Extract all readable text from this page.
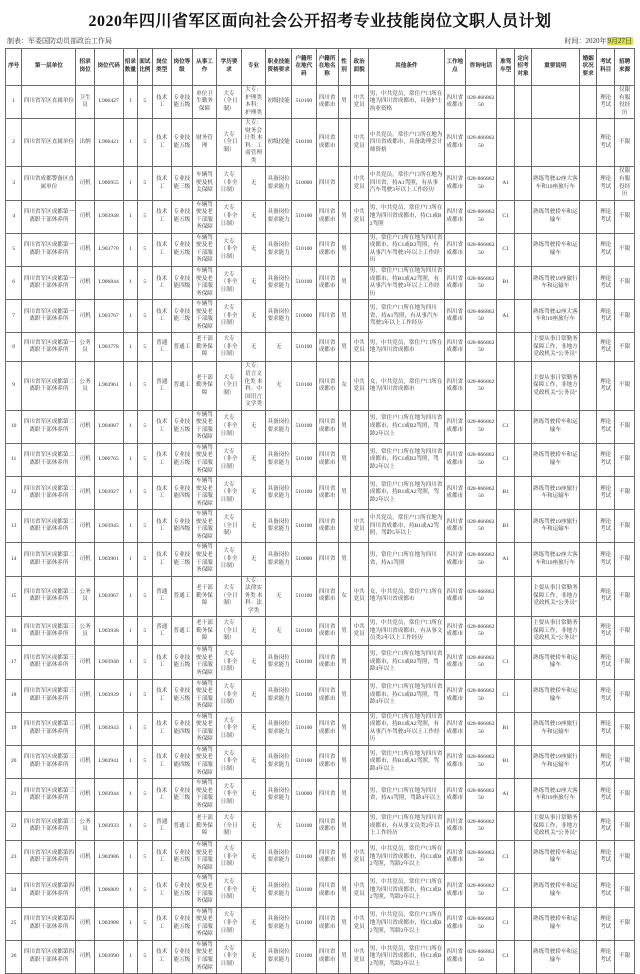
2020年四川省军区面向社会公开招考专业技能岗位文职人员计划
制表：军委国防动员部政治工作局	时间：2020年9月27日
序号	第一层单位	招录岗位	岗位代码	招录数量	面试比例	岗位类型	岗位等级	从事工作	学历要求	专业	职业技能资格要求	户籍所在地代码	户籍所在地名称	性别	政治面貌	其他条件	工作地点	咨询电话	准驾车型	定向招考对象	重要说明	婚姻状况要求	考试科目	招聘来源
1	四川省军区直属单位	卫生员	L906427	1	5	技术工	专业技能五级	单位卫生勤务保障	大专（全日制）	大专：护理类 本科：护理类	初级技能	510100	四川省成都市	男	中共党员	男，中共党员，常住户口所在地为四川省成都市，具备护士执业资格	四川省成都市	028-86686250					理论考试	仅限有服役经历
2	四川省军区直属单位	出纳	L906421	1	5	技术工	专业技能五级	财务管理	大专（全日制）	大专：财务会计类 本科：工商管理类	初级技能	510100	四川省成都市		中共党员	中共党员，常住户口所在地为四川省成都市，具备助理会计师资格	四川省成都市	028-86686250					理论考试	不限
3	四川省成都警备区直属单位	司机	L906955	1	5	技术工	专业技能三级	车辆驾驶及机关保障	大专（非全日制）	无	具备岗位要求能力	510000	四川省		中共党员	中共党员，常住户口所在地为四川省，持A1驾照，有从事汽车驾驶3年以上工作经历	四川省成都市	028-86686250	A1		熟练驾驶42座大客车和19座旅行车		理论考试	仅限有服役经历
4	四川省军区成都第一离职干部休养所	司机	L903948	1	5	技术工	专业技能五级	车辆驾驶及老干部服务保障	大专（非全日制）	无	具备岗位要求能力	510100	四川省成都市	男	中共党员	男，中共党员，常住户口所在地为四川省成都市，持C1或B2驾照	四川省成都市	028-86686250	C1		熟练驾驶轿车和运输车		理论考试	不限
5	四川省军区成都第一离职干部休养所	司机	L903770	1	5	技术工	专业技能五级	车辆驾驶及老干部服务保障	大专（非全日制）	无	具备岗位要求能力	510100	四川省成都市	男		男，常住户口所在地为四川省成都市，持C1或B2驾照，有从事汽车驾驶3年以上工作经历	四川省成都市	028-86686250	C1		熟练驾驶轿车和运输车		理论考试	不限
6	四川省军区成都第一离职干部休养所	司机	L906844	1	5	技术工	专业技能四级	车辆驾驶及老干部服务保障	大专（非全日制）	无	具备岗位要求能力	510100	四川省成都市	男		男，常住户口所在地为四川省成都市，持B1或A2驾照，有从事汽车驾驶3年以上工作经历	四川省成都市	028-86686250	B1		熟练驾驶19座旅行车和运输车		理论考试	不限
7	四川省军区成都第一离职干部休养所	司机	L903767	1	5	技术工	专业技能三级	车辆驾驶及老干部服务保障	大专（非全日制）	无	具备岗位要求能力	510000	四川省	男		男，常住户口所在地为四川省，持A1驾照，有从事汽车驾驶3年以上工作经历	四川省成都市	028-86686250	A1		熟练驾驶42座大客车和19座旅行车		理论考试	不限
8	四川省军区成都第一离职干部休养所	公务员	L903778	1	5	普通工	普通工	老干部勤务保障	大专（非全日制）	无	无	510100	四川省成都市	男	中共党员	男，中共党员，常住户口所在地为四川省成都市	四川省成都市	028-86686250			主要从事日常勤务保障工作，非地方党政机关“公务员”		理论考试	不限
9	四川省军区成都第二离职干部休养所	公务员	L903961	1	5	普通工	普通工	老干部勤务保障	大专（全日制）	大专：语言文化类 本科：中国语言文学类	无	510100	四川省成都市	女	中共党员	女，中共党员，常住户口所在地为四川省成都市	四川省成都市	028-86686250			主要从事日常勤务保障工作，非地方党政机关“公务员”		理论考试	不限
10	四川省军区成都第二离职干部休养所	司机	L904087	1	5	技术工	专业技能五级	车辆驾驶及老干部服务保障	大专（非全日制）	无	具备岗位要求能力	510100	四川省成都市	男		男，常住户口所在地为四川省成都市，持C1或B2驾照，驾龄2年以上	四川省成都市	028-86686250	C1		熟练驾驶轿车和运输车		理论考试	不限
11	四川省军区成都第二离职干部休养所	司机	L906765	1	5	技术工	专业技能五级	车辆驾驶及老干部服务保障	大专（非全日制）	无	具备岗位要求能力	510100	四川省成都市	男		男，常住户口所在地为四川省成都市，持C1或B2驾照，驾龄2年以上	四川省成都市	028-86686250	C1		熟练驾驶轿车和运输车		理论考试	不限
12	四川省军区成都第二离职干部休养所	司机	L903927	1	5	技术工	专业技能四级	车辆驾驶及老干部服务保障	大专（非全日制）	无	具备岗位要求能力	510100	四川省成都市	男		男，常住户口所在地为四川省成都市，持B1或A2驾照，驾龄2年以上	四川省成都市	028-86686250	B1		熟练驾驶19座旅行车和运输车		理论考试	不限
13	四川省军区成都第二离职干部休养所	司机	L903945	1	5	技术工	专业技能四级	车辆驾驶及老干部服务保障	大专（全日制）	无	具备岗位要求能力	510100	四川省成都市		中共党员	中共党员，常住户口所在地为四川省成都市，持B1或A2驾照，驾龄5年以上	四川省成都市	028-86686250	B1		熟练驾驶19座旅行车和运输车		理论考试	不限
14	四川省军区成都第二离职干部休养所	司机	L903901	1	5	技术工	专业技能三级	车辆驾驶及老干部服务保障	大专（非全日制）	无	具备岗位要求能力	510000	四川省	男		男，常住户口所在地为四川省，持A1驾照	四川省成都市	028-86686250	A1		熟练驾驶42座大客车和19座旅行车		理论考试	不限
15	四川省军区成都第二离职干部休养所	公务员	L903967	1	5	普通工	普通工	老干部勤务保障	大专（全日制）	大专：法律实务类 本科：法学类	无	510100	四川省成都市	女	中共党员	女，中共党员，常住户口所在地为四川省成都市	四川省成都市	028-86686250			主要从事日常勤务保障工作，非地方党政机关“公务员”		理论考试	不限
16	四川省军区成都第三离职干部休养所	公务员	L903938	1	5	普通工	普通工	老干部勤务保障	大专（全日制）	无	无	510100	四川省成都市	男	中共党员	男，中共党员，常住户口所在地为四川省成都市，有从事文员类2年以上工作经历	四川省成都市	028-86686250			主要从事日常勤务保障工作，非地方党政机关“公务员”		理论考试	不限
17	四川省军区成都第三离职干部休养所	司机	L903940	1	5	技术工	专业技能五级	车辆驾驶及老干部服务保障	大专（非全日制）	无	具备岗位要求能力	510100	四川省成都市	男		男，常住户口所在地为四川省成都市，持C1或B2驾照，驾龄4年以上	四川省成都市	028-86686250	C1		熟练驾驶轿车和运输车		理论考试	不限
18	四川省军区成都第三离职干部休养所	司机	L903939	1	5	技术工	专业技能五级	车辆驾驶及老干部服务保障	大专（非全日制）	无	具备岗位要求能力	510100	四川省成都市	男		男，常住户口所在地为四川省成都市，持C1或B2驾照，驾龄4年以上	四川省成都市	028-86686250	C1		熟练驾驶轿车和运输车		理论考试	不限
19	四川省军区成都第三离职干部休养所	司机	L903943	1	5	技术工	专业技能四级	车辆驾驶及老干部服务保障	大专（非全日制）	无	具备岗位要求能力	510100	四川省成都市	男		男，常住户口所在地为四川省成都市，持B1或A2驾照，有从事汽车驾驶4年以上工作经历	四川省成都市	028-86686250	B1		熟练驾驶19座旅行车和运输车		理论考试	不限
20	四川省军区成都第三离职干部休养所	司机	L903941	1	5	技术工	专业技能四级	车辆驾驶及老干部服务保障	大专（非全日制）	无	具备岗位要求能力	510100	四川省成都市	男		男，常住户口所在地为四川省成都市，持B1或A2驾照，驾龄4年以上	四川省成都市	028-86686250	B1		熟练驾驶19座旅行车和运输车		理论考试	不限
21	四川省军区成都第三离职干部休养所	司机	L903944	1	5	技术工	专业技能三级	车辆驾驶及老干部服务保障	大专（非全日制）	无	具备岗位要求能力	510000	四川省	男		男，常住户口所在地为四川省，持A1驾照，驾龄4年以上	四川省成都市	028-86686250	A1		熟练驾驶42座大客车和19座旅行车		理论考试	不限
22	四川省军区成都第三离职干部休养所	公务员	L903933	1	5	普通工	普通工	老干部勤务保障	大专（全日制）	无	无	510100	四川省成都市	男		男，常住户口所在地为四川省成都市，有从事文员类2年以上工作经历	四川省成都市	028-86686250			主要从事日常勤务保障工作，非地方党政机关“公务员”		理论考试	不限
23	四川省军区成都第四离职干部休养所	司机	L903986	1	5	技术工	专业技能五级	车辆驾驶及老干部服务保障	大专（非全日制）	无	具备岗位要求能力	510100	四川省成都市	男	中共党员	男，中共党员，常住户口所在地为四川省成都市，持C1或B2驾照，驾龄2年以上	四川省成都市	028-86686250	C1		熟练驾驶轿车和运输车		理论考试	不限
24	四川省军区成都第四离职干部休养所	司机	L906809	1	5	技术工	专业技能五级	车辆驾驶及老干部服务保障	大专（非全日制）	无	具备岗位要求能力	510100	四川省成都市	男	中共党员	男，中共党员，常住户口所在地为四川省成都市，持C1或B2驾照，驾龄2年以上	四川省成都市	028-86686250	C1		熟练驾驶轿车和运输车		理论考试	不限
25	四川省军区成都第四离职干部休养所	司机	L903988	1	5	技术工	专业技能五级	车辆驾驶及老干部服务保障	大专（非全日制）	无	具备岗位要求能力	510100	四川省成都市	男	中共党员	男，中共党员，常住户口所在地为四川省成都市，持C1或B2驾照，驾龄2年以上	四川省成都市	028-86686250	C1		熟练驾驶轿车和运输车		理论考试	不限
26	四川省军区成都第四离职干部休养所	司机	L903990	1	5	技术工	专业技能五级	车辆驾驶及老干部服务保障	大专（非全日制）	无	具备岗位要求能力	510100	四川省成都市	男	中共党员	男，中共党员，常住户口所在地为四川省成都市，持C1或B2驾照，驾龄2年以上	四川省成都市	028-86686250	C1		熟练驾驶轿车和运输车		理论考试	不限
